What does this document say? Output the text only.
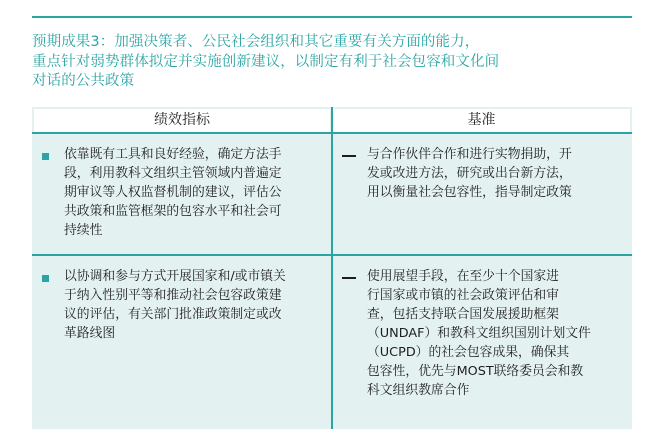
预期成果3：加强决策者、公民社会组织和其它重要有关方面的能力，
重点针对弱势群体拟定并实施创新建议，以制定有利于社会包容和文化间
对话的公共政策
绩效指标	基准
依靠既有工具和良好经验，确定方法手
段，利用教科文组织主管领域内普遍定
期审议等人权监督机制的建议，评估公
共政策和监管框架的包容水平和社会可
持续性
与合作伙伴合作和进行实物捐助，开
发或改进方法，研究或出台新方法，
用以衡量社会包容性，指导制定政策
以协调和参与方式开展国家和/或市镇关
于纳入性别平等和推动社会包容政策建
议的评估，有关部门批准政策制定或改
革路线图
使用展望手段，在至少十个国家进
行国家或市镇的社会政策评估和审
查，包括支持联合国发展援助框架
（UNDAF）和教科文组织国别计划文件
（UCPD）的社会包容成果，确保其
包容性，优先与MOST联络委员会和教
科文组织教席合作
